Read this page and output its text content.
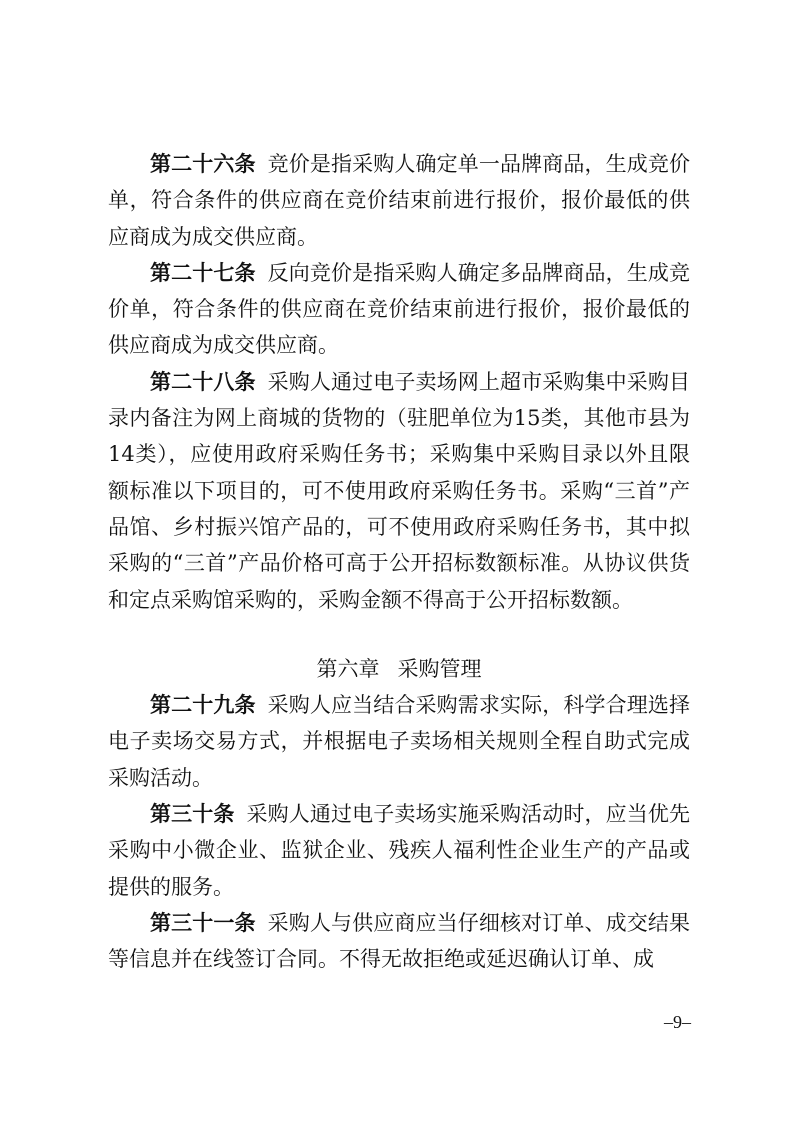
第二十六条 竞价是指采购人确定单一品牌商品，生成竞价单，符合条件的供应商在竞价结束前进行报价，报价最低的供应商成为成交供应商。

第二十七条 反向竞价是指采购人确定多品牌商品，生成竞价单，符合条件的供应商在竞价结束前进行报价，报价最低的供应商成为成交供应商。

第二十八条 采购人通过电子卖场网上超市采购集中采购目录内备注为网上商城的货物的（驻肥单位为15类，其他市县为14类），应使用政府采购任务书；采购集中采购目录以外且限额标准以下项目的，可不使用政府采购任务书。采购“三首”产品馆、乡村振兴馆产品的，可不使用政府采购任务书，其中拟采购的“三首”产品价格可高于公开招标数额标准。从协议供货和定点采购馆采购的，采购金额不得高于公开招标数额。

第六章 采购管理

第二十九条 采购人应当结合采购需求实际，科学合理选择电子卖场交易方式，并根据电子卖场相关规则全程自助式完成采购活动。

第三十条 采购人通过电子卖场实施采购活动时，应当优先采购中小微企业、监狱企业、残疾人福利性企业生产的产品或提供的服务。

第三十一条 采购人与供应商应当仔细核对订单、成交结果等信息并在线签订合同。不得无故拒绝或延迟确认订单、成

–9–
